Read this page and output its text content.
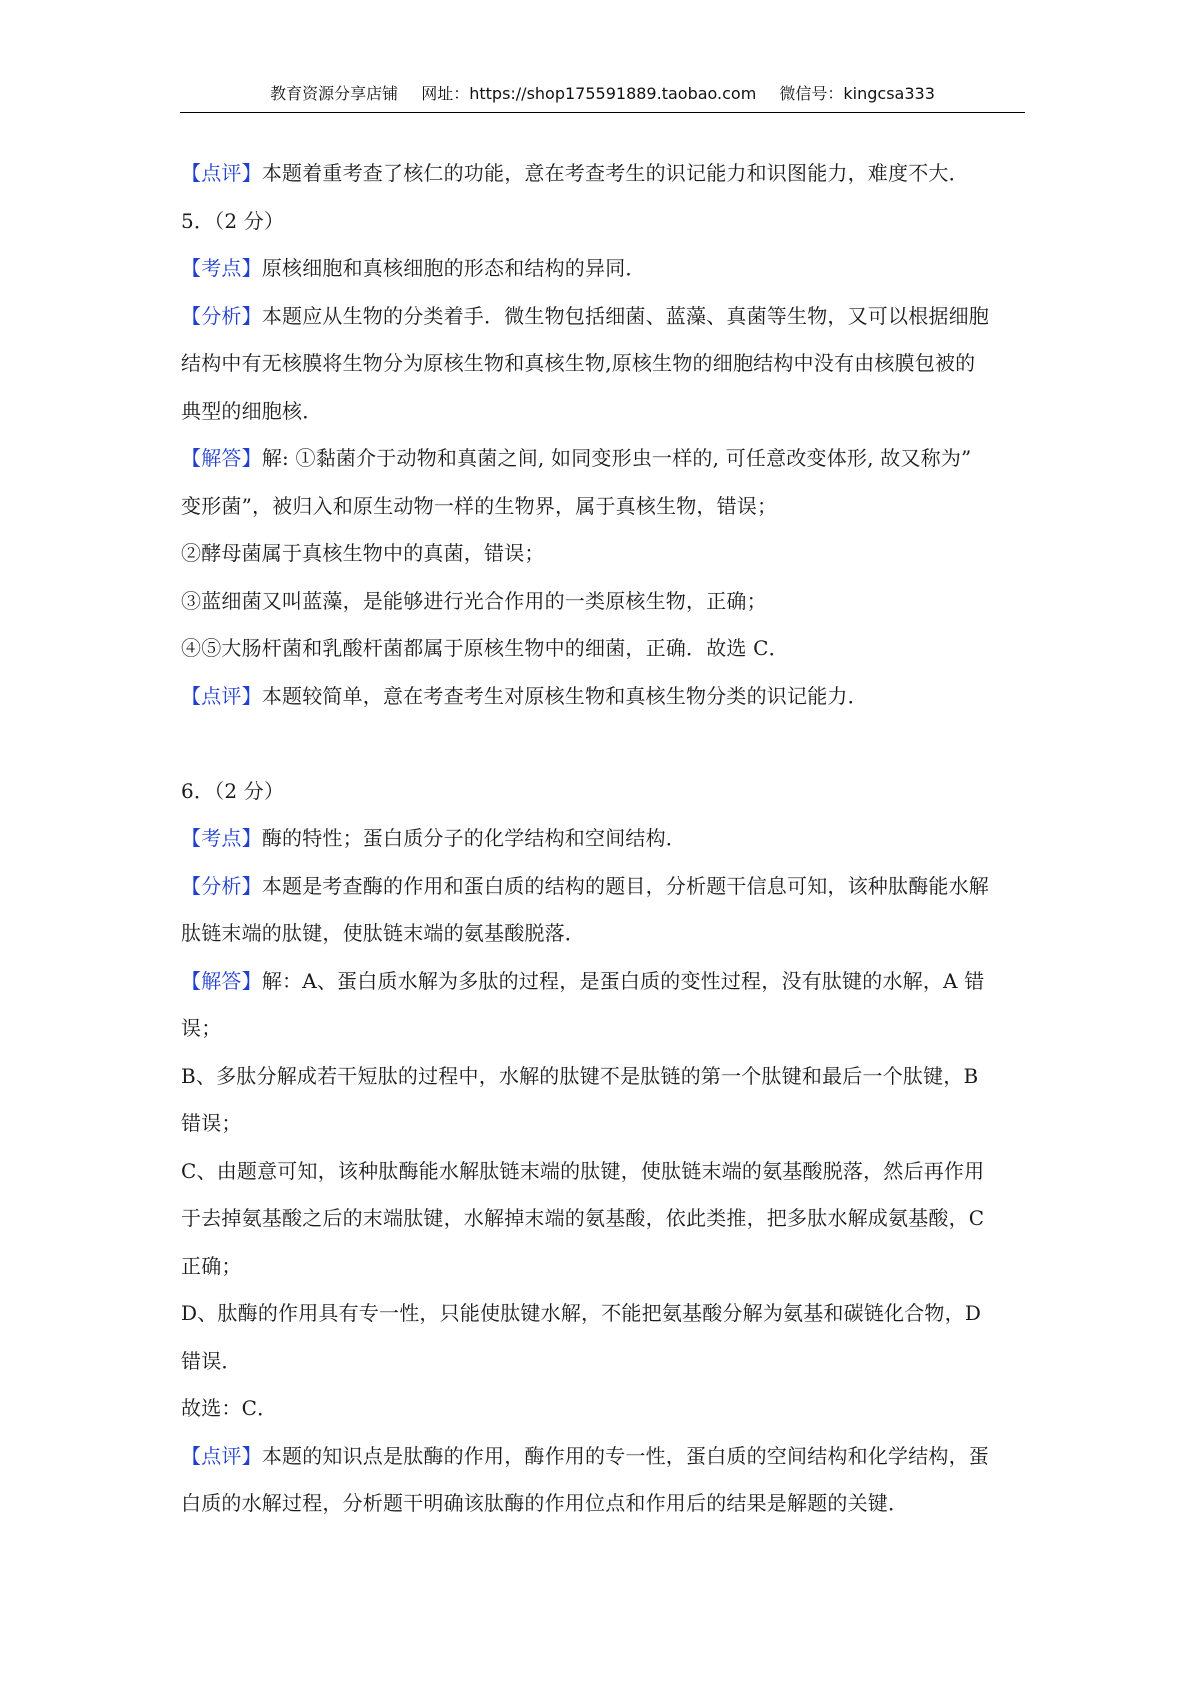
教育资源分享店铺 网址：https://shop175591889.taobao.com 微信号：kingcsa333
【点评】本题着重考查了核仁的功能，意在考查考生的识记能力和识图能力，难度不大．
5．（2 分）
【考点】原核细胞和真核细胞的形态和结构的异同．
【分析】本题应从生物的分类着手．微生物包括细菌、蓝藻、真菌等生物，又可以根据细胞
结构中有无核膜将生物分为原核生物和真核生物,原核生物的细胞结构中没有由核膜包被的
典型的细胞核．
【解答】解: ①黏菌介于动物和真菌之间, 如同变形虫一样的, 可任意改变体形, 故又称为”
变形菌”，被归入和原生动物一样的生物界，属于真核生物，错误；
②酵母菌属于真核生物中的真菌，错误；
③蓝细菌又叫蓝藻，是能够进行光合作用的一类原核生物，正确；
④⑤大肠杆菌和乳酸杆菌都属于原核生物中的细菌，正确．故选 C．
【点评】本题较简单，意在考查考生对原核生物和真核生物分类的识记能力．
6．（2 分）
【考点】酶的特性；蛋白质分子的化学结构和空间结构．
【分析】本题是考查酶的作用和蛋白质的结构的题目，分析题干信息可知，该种肽酶能水解
肽链末端的肽键，使肽链末端的氨基酸脱落．
【解答】解：A、蛋白质水解为多肽的过程，是蛋白质的变性过程，没有肽键的水解，A 错
误；
B、多肽分解成若干短肽的过程中，水解的肽键不是肽链的第一个肽键和最后一个肽键，B
错误；
C、由题意可知，该种肽酶能水解肽链末端的肽键，使肽链末端的氨基酸脱落，然后再作用
于去掉氨基酸之后的末端肽键，水解掉末端的氨基酸，依此类推，把多肽水解成氨基酸，C
正确；
D、肽酶的作用具有专一性，只能使肽键水解，不能把氨基酸分解为氨基和碳链化合物，D
错误．
故选：C．
【点评】本题的知识点是肽酶的作用，酶作用的专一性，蛋白质的空间结构和化学结构，蛋
白质的水解过程，分析题干明确该肽酶的作用位点和作用后的结果是解题的关键．
